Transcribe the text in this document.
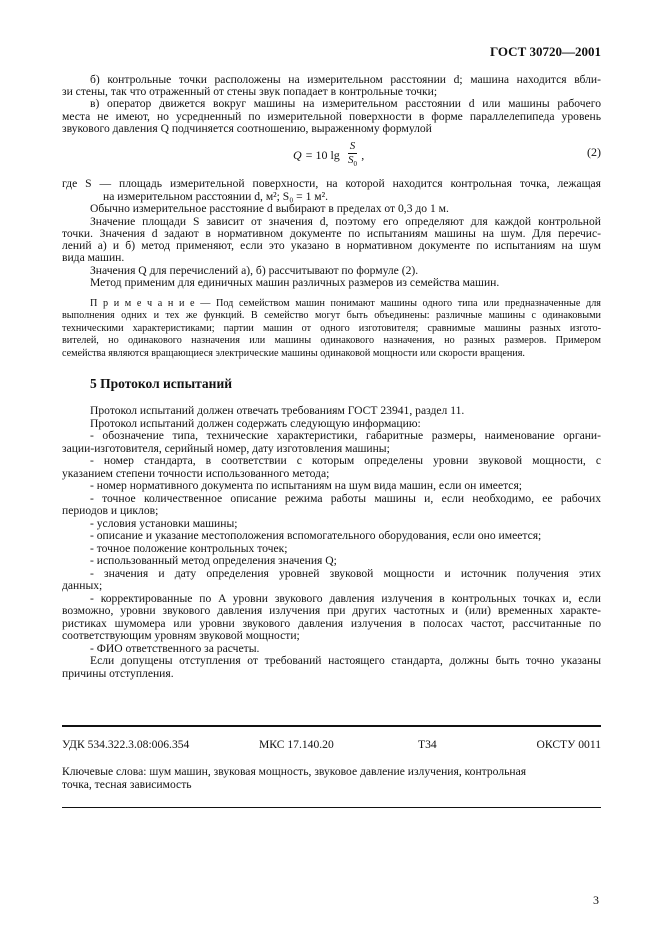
ГОСТ 30720—2001
б) контрольные точки расположены на измерительном расстоянии d; машина находится вбли-
зи стены, так что отраженный от стены звук попадает в контрольные точки;
в) оператор движется вокруг машины на измерительном расстоянии d или машины рабочего
места не имеют, но усредненный по измерительной поверхности в форме параллелепипеда уровень
звукового давления Q подчиняется соотношению, выраженному формулой
где S — площадь измерительной поверхности, на которой находится контрольная точка, лежащая
на измерительном расстоянии d, м²; S₀ = 1 м².
Обычно измерительное расстояние d выбирают в пределах от 0,3 до 1 м.
Значение площади S зависит от значения d, поэтому его определяют для каждой контрольной
точки. Значения d задают в нормативном документе по испытаниям машины на шум. Для перечис-
лений а) и б) метод применяют, если это указано в нормативном документе по испытаниям на шум
вида машин.
Значения Q для перечислений а), б) рассчитывают по формуле (2).
Метод применим для единичных машин различных размеров из семейства машин.
П р и м е ч а н и е — Под семейством машин понимают машины одного типа или предназначенные для
выполнения одних и тех же функций. В семейство могут быть объединены: различные машины с одинаковыми
техническими характеристиками; партии машин от одного изготовителя; сравнимые машины разных изгото-
вителей, но одинакового назначения или машины одинакового назначения, но разных размеров. Примером
семейства являются вращающиеся электрические машины одинаковой мощности или скорости вращения.
Протокол испытаний должен отвечать требованиям ГОСТ 23941, раздел 11.
Протокол испытаний должен содержать следующую информацию:
- обозначение типа, технические характеристики, габаритные размеры, наименование органи-
зации-изготовителя, серийный номер, дату изготовления машины;
- номер стандарта, в соответствии с которым определены уровни звуковой мощности, с
указанием степени точности использованного метода;
- номер нормативного документа по испытаниям на шум вида машин, если он имеется;
- точное количественное описание режима работы машины и, если необходимо, ее рабочих
периодов и циклов;
- условия установки машины;
- описание и указание местоположения вспомогательного оборудования, если оно имеется;
- точное положение контрольных точек;
- использованный метод определения значения Q;
- значения и дату определения уровней звуковой мощности и источник получения этих
данных;
- корректированные по A уровни звукового давления излучения в контрольных точках и, если
возможно, уровни звукового давления излучения при других частотных и (или) временных характе-
ристиках шумомера или уровни звукового давления излучения в полосах частот, рассчитанные по
соответствующим уровням звуковой мощности;
- ФИО ответственного за расчеты.
Если допущены отступления от требований настоящего стандарта, должны быть точно указаны
причины отступления.
Q = 10 $\lg \frac{S}{S_0}$ ,	(2)
5 Протокол испытаний
УДК 534.322.3.08:006.354	МКС 17.140.20	Т34	ОКСТУ 0011
Ключевые слова: шум машин, звуковая мощность, звуковое давление излучения, контрольная
точка, тесная зависимость
3
